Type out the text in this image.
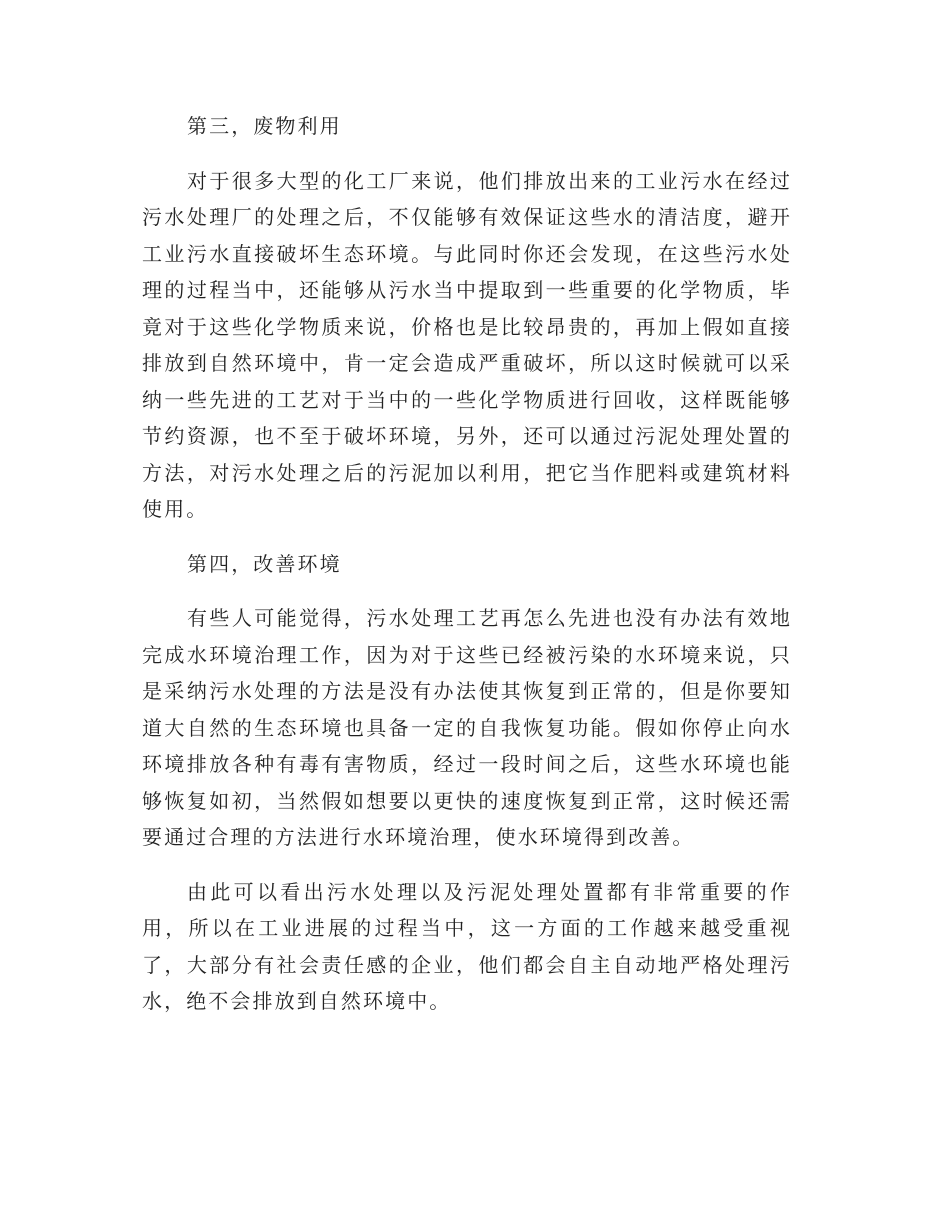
第三，废物利用

对于很多大型的化工厂来说，他们排放出来的工业污水在经过污水处理厂的处理之后，不仅能够有效保证这些水的清洁度，避开工业污水直接破坏生态环境。与此同时你还会发现，在这些污水处理的过程当中，还能够从污水当中提取到一些重要的化学物质，毕竟对于这些化学物质来说，价格也是比较昂贵的，再加上假如直接排放到自然环境中，肯一定会造成严重破坏，所以这时候就可以采纳一些先进的工艺对于当中的一些化学物质进行回收，这样既能够节约资源，也不至于破坏环境，另外，还可以通过污泥处理处置的方法，对污水处理之后的污泥加以利用，把它当作肥料或建筑材料使用。

第四，改善环境

有些人可能觉得，污水处理工艺再怎么先进也没有办法有效地完成水环境治理工作，因为对于这些已经被污染的水环境来说，只是采纳污水处理的方法是没有办法使其恢复到正常的，但是你要知道大自然的生态环境也具备一定的自我恢复功能。假如你停止向水环境排放各种有毒有害物质，经过一段时间之后，这些水环境也能够恢复如初，当然假如想要以更快的速度恢复到正常，这时候还需要通过合理的方法进行水环境治理，使水环境得到改善。

由此可以看出污水处理以及污泥处理处置都有非常重要的作用，所以在工业进展的过程当中，这一方面的工作越来越受重视了，大部分有社会责任感的企业，他们都会自主自动地严格处理污水，绝不会排放到自然环境中。
